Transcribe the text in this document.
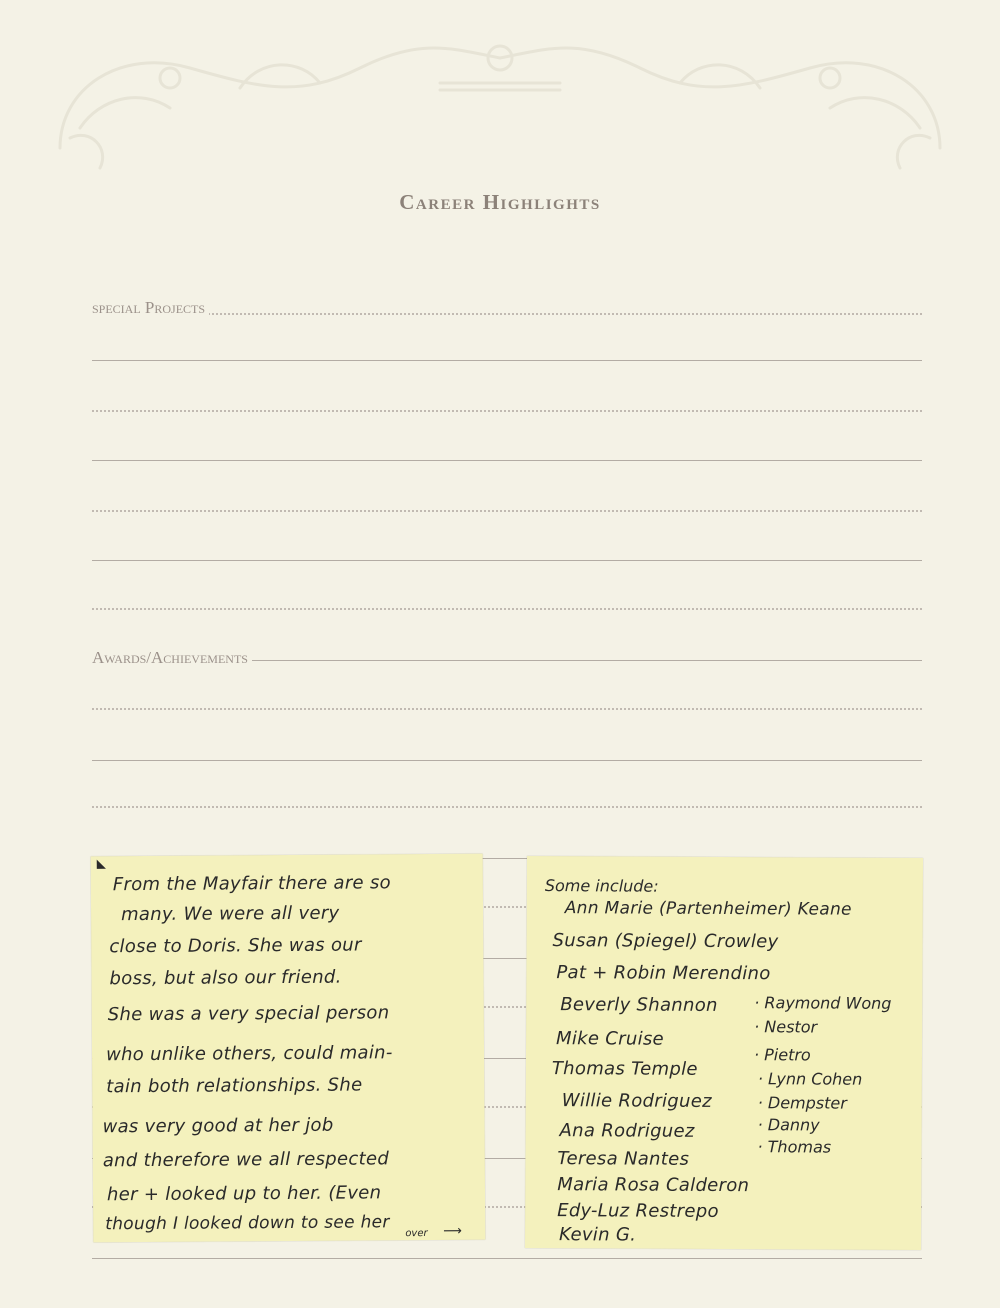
Career Highlights
special Projects
Awards/Achievements
◣
From the Mayfair there are so
many. We were all very
close to Doris. She was our
boss, but also our friend.
She was a very special person
who unlike others, could main-
tain both relationships. She
was very good at her job
and therefore we all respected
her + looked up to her. (Even
though I looked down to see her over ⟶
Some include:
Ann Marie (Partenheimer) Keane
Susan (Spiegel) Crowley
Pat + Robin Merendino
Beverly Shannon
Mike Cruise
Thomas Temple
Willie Rodriguez
Ana Rodriguez
Teresa Nantes
Maria Rosa Calderon
Edy-Luz Restrepo
Kevin G.
· Raymond Wong
· Nestor
· Pietro
· Lynn Cohen
· Dempster
· Danny
· Thomas
